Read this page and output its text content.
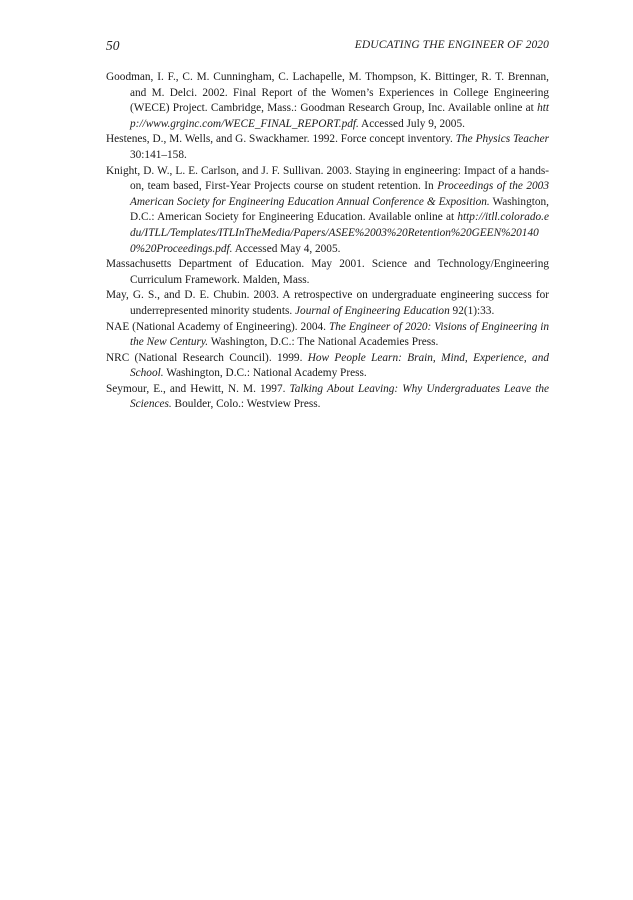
50	EDUCATING THE ENGINEER OF 2020

Goodman, I. F., C. M. Cunningham, C. Lachapelle, M. Thompson, K. Bittinger, R. T. Brennan, and M. Delci. 2002. Final Report of the Women’s Experiences in College Engineering (WECE) Project. Cambridge, Mass.: Goodman Research Group, Inc. Available online at http://www.grginc.com/WECE_FINAL_REPORT.pdf. Accessed July 9, 2005.

Hestenes, D., M. Wells, and G. Swackhamer. 1992. Force concept inventory. The Physics Teacher 30:141–158.

Knight, D. W., L. E. Carlson, and J. F. Sullivan. 2003. Staying in engineering: Impact of a hands-on, team based, First-Year Projects course on student retention. In Proceedings of the 2003 American Society for Engineering Education Annual Conference & Exposition. Washington, D.C.: American Society for Engineering Education. Available online at http://itll.colorado.edu/ITLL/Templates/ITLInTheMedia/Papers/ASEE%2003%20Retention%20GEEN%201400%20Proceedings.pdf. Accessed May 4, 2005.

Massachusetts Department of Education. May 2001. Science and Technology/Engineering Curriculum Framework. Malden, Mass.

May, G. S., and D. E. Chubin. 2003. A retrospective on undergraduate engineering success for underrepresented minority students. Journal of Engineering Education 92(1):33.

NAE (National Academy of Engineering). 2004. The Engineer of 2020: Visions of Engineering in the New Century. Washington, D.C.: The National Academies Press.

NRC (National Research Council). 1999. How People Learn: Brain, Mind, Experience, and School. Washington, D.C.: National Academy Press.

Seymour, E., and Hewitt, N. M. 1997. Talking About Leaving: Why Undergraduates Leave the Sciences. Boulder, Colo.: Westview Press.
